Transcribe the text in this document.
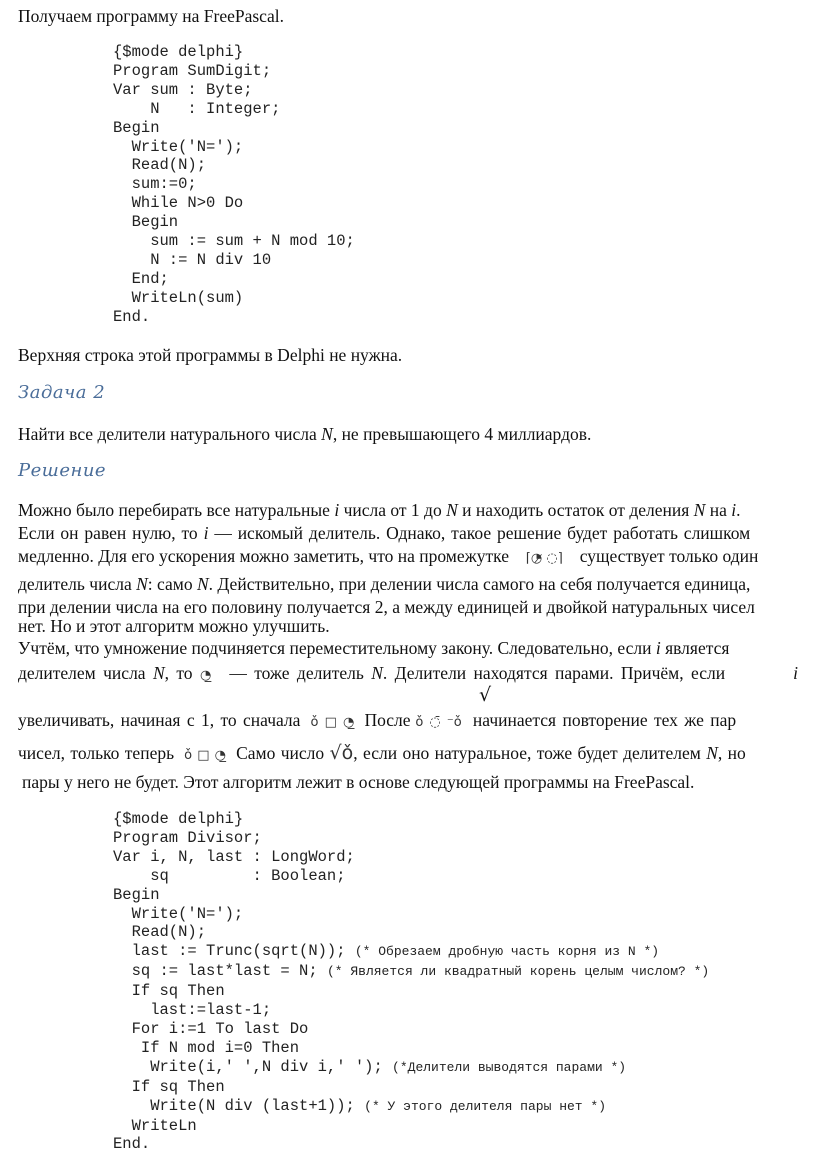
Получаем программу на FreePascal.

{$mode delphi}
Program SumDigit;
Var sum : Byte;
N   : Integer;
Begin
Write('N=');
Read(N);
sum:=0;
While N>0 Do
Begin
sum := sum + N mod 10;
N := N div 10
End;
WriteLn(sum)
End.

Верхняя строка этой программы в Delphi не нужна.

Задача 2

Найти все делители натурального числа N, не превышающего 4 миллиардов.

Решение

Можно было перебирать все натуральные i числа от 1 до N и находить остаток от деления N на i.

Если он равен нулю, то i — искомый делитель. Однако, такое решение будет работать слишком

медленно. Для его ускорения можно заметить, что на промежутке ⌈◔̷ ◌⌉ существует только один

делитель числа N: само N. Действительно, при делении числа самого на себя получается единица,

при делении числа на его половину получается 2, а между единицей и двойкой натуральных чисел

нет. Но и этот алгоритм можно улучшить.

Учтём, что умножение подчиняется переместительному закону. Следовательно, если i является

делителем числа N, то ◔̲ — тоже делитель N. Делители находятся парами. Причём, если	i

√

увеличивать, начиная с 1, то сначала ǒ □ ◔̲ После ǒ ◌̄ ⁻ǒ начинается повторение тех же пар

чисел, только теперь ǒ □ ◔̲ Само число √ǒ, если оно натуральное, тоже будет делителем N, но

пары у него не будет. Этот алгоритм лежит в основе следующей программы на FreePascal.

{$mode delphi}
Program Divisor;
Var i, N, last : LongWord;
sq         : Boolean;
Begin
Write('N=');
Read(N);
last := Trunc(sqrt(N)); (* Обрезаем дробную часть корня из N *)
sq := last*last = N; (* Является ли квадратный корень целым числом? *)
If sq Then
last:=last-1;
For i:=1 To last Do
If N mod i=0 Then
Write(i,' ',N div i,' '); (*Делители выводятся парами *)
If sq Then
Write(N div (last+1)); (* У этого делителя пары нет *)
WriteLn
End.
